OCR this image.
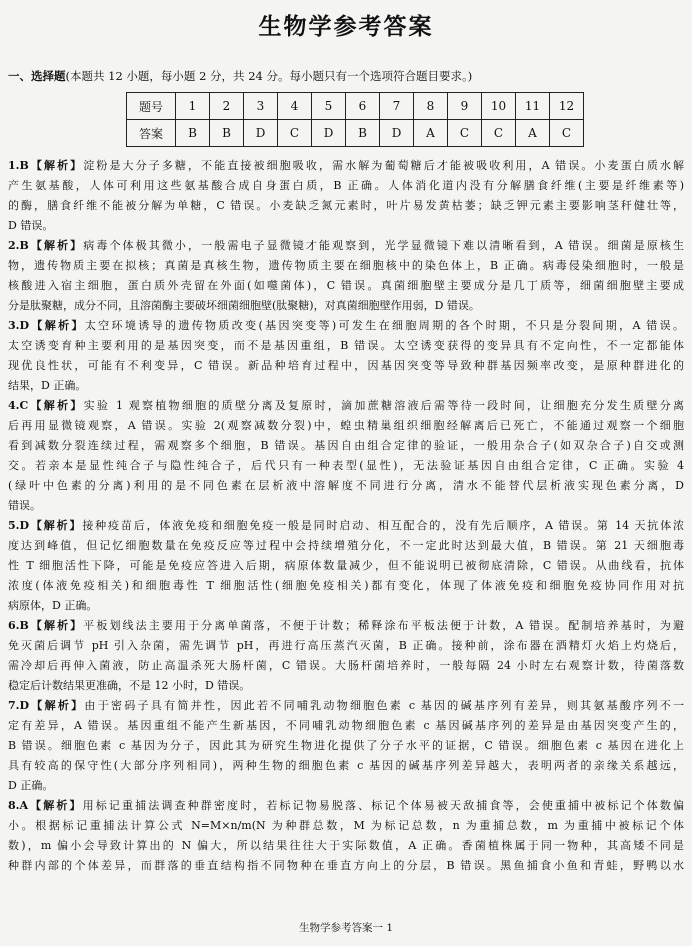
生物学参考答案
一、选择题(本题共 12 小题，每小题 2 分，共 24 分。每小题只有一个选项符合题目要求。)
题号	1	2	3	4	5	6	7	8	9	10	11	12
答案	B	B	D	C	D	B	D	A	C	C	A	C

1.B【解析】淀粉是大分子多糖，不能直接被细胞吸收，需水解为葡萄糖后才能被吸收利用，A 错误。小麦蛋白质水解

产生氨基酸，人体可利用这些氨基酸合成自身蛋白质，B 正确。人体消化道内没有分解膳食纤维(主要是纤维素等)

的酶，膳食纤维不能被分解为单糖，C 错误。小麦缺乏氮元素时，叶片易发黄枯萎；缺乏钾元素主要影响茎秆健壮等，

D 错误。

2.B【解析】病毒个体极其微小，一般需电子显微镜才能观察到，光学显微镜下难以清晰看到，A 错误。细菌是原核生

物，遗传物质主要在拟核；真菌是真核生物，遗传物质主要在细胞核中的染色体上，B 正确。病毒侵染细胞时，一般是

核酸进入宿主细胞，蛋白质外壳留在外面(如噬菌体)，C 错误。真菌细胞壁主要成分是几丁质等，细菌细胞壁主要成

分是肽聚糖，成分不同，且溶菌酶主要破坏细菌细胞壁(肽聚糖)，对真菌细胞壁作用弱，D 错误。

3.D【解析】太空环境诱导的遗传物质改变(基因突变等)可发生在细胞周期的各个时期，不只是分裂间期，A 错误。

太空诱变育种主要利用的是基因突变，而不是基因重组，B 错误。太空诱变获得的变异具有不定向性，不一定都能体

现优良性状，可能有不利变异，C 错误。新品种培育过程中，因基因突变等导致种群基因频率改变，是原种群进化的

结果，D 正确。

4.C【解析】实验 1 观察植物细胞的质壁分离及复原时，滴加蔗糖溶液后需等待一段时间，让细胞充分发生质壁分离

后再用显微镜观察，A 错误。实验 2(观察减数分裂)中，蝗虫精巢组织细胞经解离后已死亡，不能通过观察一个细胞

看到减数分裂连续过程，需观察多个细胞，B 错误。基因自由组合定律的验证，一般用杂合子(如双杂合子)自交或测

交。若亲本是显性纯合子与隐性纯合子，后代只有一种表型(显性)，无法验证基因自由组合定律，C 正确。实验 4

(绿叶中色素的分离)利用的是不同色素在层析液中溶解度不同进行分离，清水不能替代层析液实现色素分离，D

错误。

5.D【解析】接种疫苗后，体液免疫和细胞免疫一般是同时启动、相互配合的，没有先后顺序，A 错误。第 14 天抗体浓

度达到峰值，但记忆细胞数量在免疫反应等过程中会持续增殖分化，不一定此时达到最大值，B 错误。第 21 天细胞毒

性 T 细胞活性下降，可能是免疫应答进入后期，病原体数量减少，但不能说明已被彻底清除，C 错误。从曲线看，抗体

浓度(体液免疫相关)和细胞毒性 T 细胞活性(细胞免疫相关)都有变化，体现了体液免疫和细胞免疫协同作用对抗

病原体，D 正确。

6.B【解析】平板划线法主要用于分离单菌落，不便于计数；稀释涂布平板法便于计数，A 错误。配制培养基时，为避

免灭菌后调节 pH 引入杂菌，需先调节 pH，再进行高压蒸汽灭菌，B 正确。接种前，涂布器在酒精灯火焰上灼烧后，

需冷却后再伸入菌液，防止高温杀死大肠杆菌，C 错误。大肠杆菌培养时，一般每隔 24 小时左右观察计数，待菌落数

稳定后计数结果更准确，不是 12 小时，D 错误。

7.D【解析】由于密码子具有简并性，因此若不同哺乳动物细胞色素 c 基因的碱基序列有差异，则其氨基酸序列不一

定有差异，A 错误。基因重组不能产生新基因，不同哺乳动物细胞色素 c 基因碱基序列的差异是由基因突变产生的，

B 错误。细胞色素 c 基因为分子，因此其为研究生物进化提供了分子水平的证据，C 错误。细胞色素 c 基因在进化上

具有较高的保守性(大部分序列相同)，两种生物的细胞色素 c 基因的碱基序列差异越大，表明两者的亲缘关系越远，

D 正确。

8.A【解析】用标记重捕法调查种群密度时，若标记物易脱落、标记个体易被天敌捕食等，会使重捕中被标记个体数偏

小。根据标记重捕法计算公式 N=M×n/m(N 为种群总数，M 为标记总数，n 为重捕总数，m 为重捕中被标记个体

数)，m 偏小会导致计算出的 N 偏大，所以结果往往大于实际数值，A 正确。香菌植株属于同一物种，其高矮不同是

种群内部的个体差异，而群落的垂直结构指不同物种在垂直方向上的分层，B 错误。黑鱼捕食小鱼和青蛙，野鸭以水

生物学参考答案一 1
